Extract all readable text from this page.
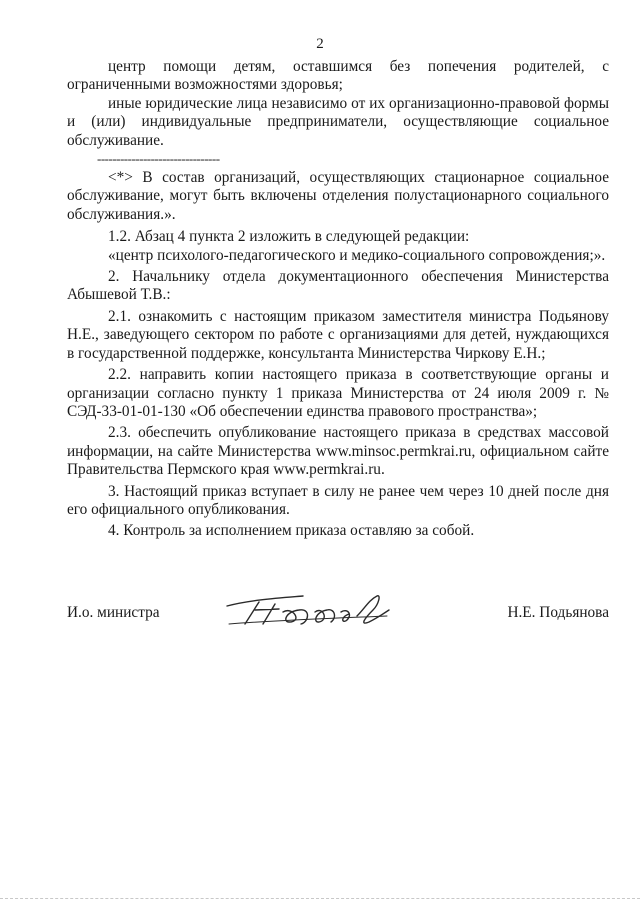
2

центр помощи детям, оставшимся без попечения родителей, с ограниченными возможностями здоровья;

иные юридические лица независимо от их организационно-правовой формы и (или) индивидуальные предприниматели, осуществляющие социальное обслуживание.

--------------------------------

<*> В состав организаций, осуществляющих стационарное социальное обслуживание, могут быть включены отделения полустационарного социального обслуживания.».

1.2. Абзац 4 пункта 2 изложить в следующей редакции:

«центр психолого-педагогического и медико-социального сопровождения;».

2. Начальнику отдела документационного обеспечения Министерства Абышевой Т.В.:

2.1. ознакомить с настоящим приказом заместителя министра Подьянову Н.Е., заведующего сектором по работе с организациями для детей, нуждающихся в государственной поддержке, консультанта Министерства Чиркову Е.Н.;

2.2. направить копии настоящего приказа в соответствующие органы и организации согласно пункту 1 приказа Министерства от 24 июля 2009 г. № СЭД-33-01-01-130 «Об обеспечении единства правового пространства»;

2.3. обеспечить опубликование настоящего приказа в средствах массовой информации, на сайте Министерства www.minsoc.permkrai.ru, официальном сайте Правительства Пермского края www.permkrai.ru.

3. Настоящий приказ вступает в силу не ранее чем через 10 дней после дня его официального опубликования.

4. Контроль за исполнением приказа оставляю за собой.

И.о. министра	Н.Е. Подьянова
